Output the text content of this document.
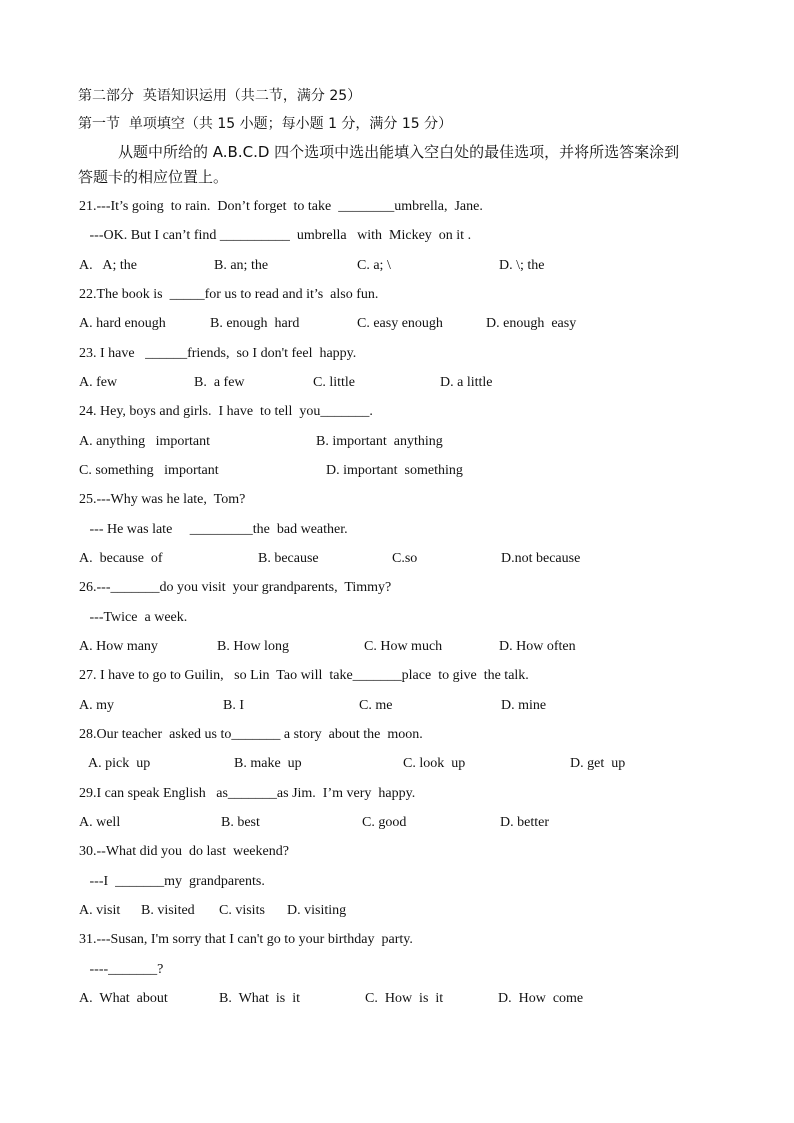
第二部分  英语知识运用（共二节，满分 25）
第一节  单项填空（共 15 小题；每小题 1 分，满分 15 分）
从题中所给的 A.B.C.D 四个选项中选出能填入空白处的最佳选项，并将所选答案涂到
答题卡的相应位置上。
21.---It’s going  to rain.  Don’t forget  to take  ________umbrella,  Jane.
---OK. But I can’t find __________  umbrella   with  Mickey  on it .
A.   A; the	B. an; the	C. a; \	D. \; the
22.The book is  _____for us to read and it’s  also fun.
A. hard enough	B. enough  hard	C. easy enough	D. enough  easy
23. I have   ______friends,  so I don't feel  happy.
A. few	B.  a few	C. little	D. a little
24. Hey, boys and girls.  I have  to tell  you_______.
A. anything   important	B. important  anything
C. something   important	D. important  something
25.---Why was he late,  Tom?
--- He was late     _________the  bad weather.
A.  because  of	B. because	C.so	D.not because
26.---_______do you visit  your grandparents,  Timmy?
---Twice  a week.
A. How many	B. How long	C. How much	D. How often
27. I have to go to Guilin,   so Lin  Tao will  take_______place  to give  the talk.
A. my	B. I	C. me	D. mine
28.Our teacher  asked us to_______ a story  about the  moon.
A. pick  up	B. make  up	C. look  up	D. get  up
29.I can speak English   as_______as Jim.  I’m very  happy.
A. well	B. best	C. good	D. better
30.--What did you  do last  weekend?
---I  _______my  grandparents.
A. visit B. visited C. visits D. visiting
31.---Susan, I'm sorry that I can't go to your birthday  party.
----_______?
A.  What  about	B.  What  is  it	C.  How  is  it	D.  How  come
